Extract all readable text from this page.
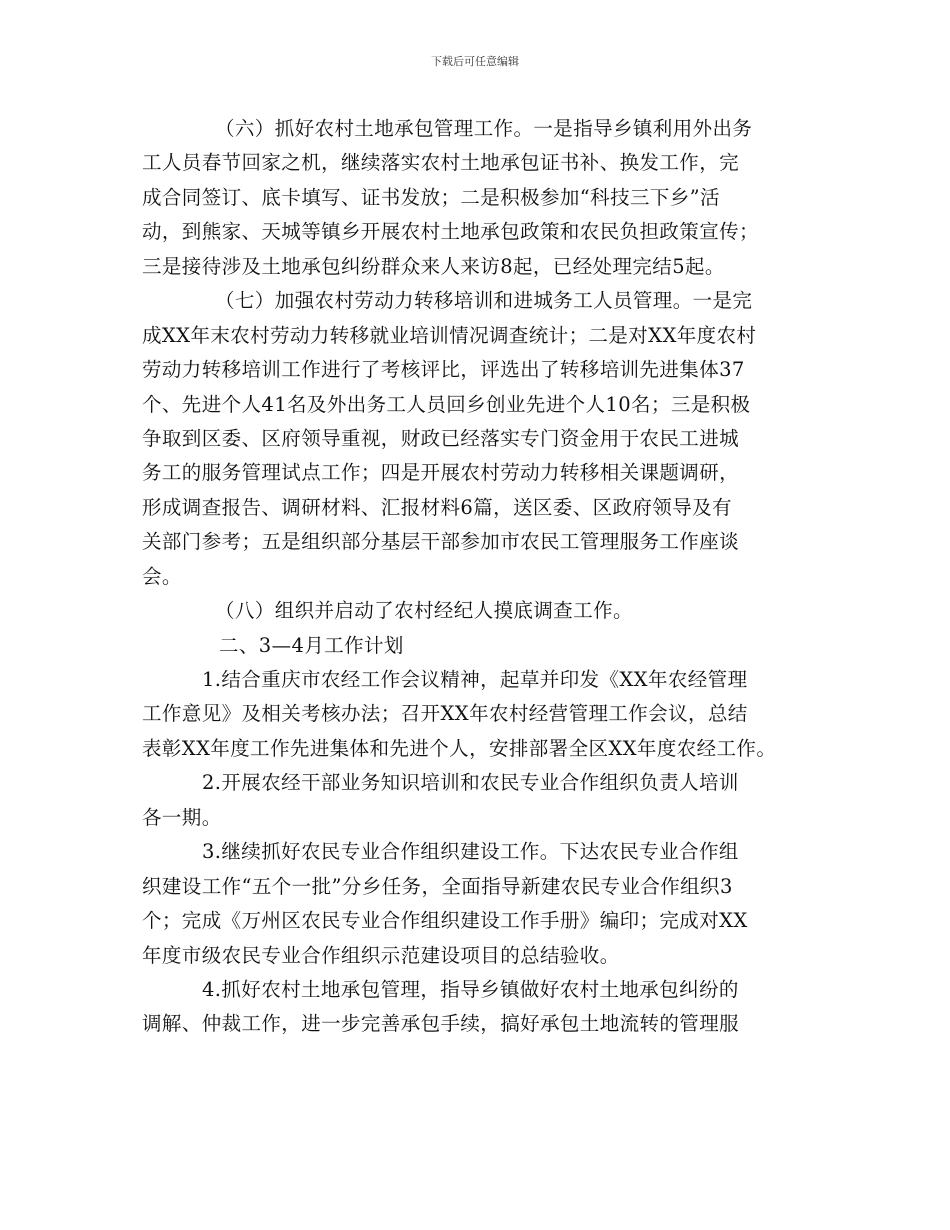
下载后可任意编辑
（六）抓好农村土地承包管理工作。一是指导乡镇利用外出务
工人员春节回家之机，继续落实农村土地承包证书补、换发工作，完
成合同签订、底卡填写、证书发放；二是积极参加“科技三下乡”活
动，到熊家、天城等镇乡开展农村土地承包政策和农民负担政策宣传；
三是接待涉及土地承包纠纷群众来人来访8起，已经处理完结5起。
（七）加强农村劳动力转移培训和进城务工人员管理。一是完
成XX年末农村劳动力转移就业培训情况调查统计；二是对XX年度农村
劳动力转移培训工作进行了考核评比，评选出了转移培训先进集体37
个、先进个人41名及外出务工人员回乡创业先进个人10名；三是积极
争取到区委、区府领导重视，财政已经落实专门资金用于农民工进城
务工的服务管理试点工作；四是开展农村劳动力转移相关课题调研，
形成调查报告、调研材料、汇报材料6篇，送区委、区政府领导及有
关部门参考；五是组织部分基层干部参加市农民工管理服务工作座谈
会。
（八）组织并启动了农村经纪人摸底调查工作。
二、3—4月工作计划
1.结合重庆市农经工作会议精神，起草并印发《XX年农经管理
工作意见》及相关考核办法；召开XX年农村经营管理工作会议，总结
表彰XX年度工作先进集体和先进个人，安排部署全区XX年度农经工作。
2.开展农经干部业务知识培训和农民专业合作组织负责人培训
各一期。
3.继续抓好农民专业合作组织建设工作。下达农民专业合作组
织建设工作“五个一批”分乡任务，全面指导新建农民专业合作组织3
个；完成《万州区农民专业合作组织建设工作手册》编印；完成对XX
年度市级农民专业合作组织示范建设项目的总结验收。
4.抓好农村土地承包管理，指导乡镇做好农村土地承包纠纷的
调解、仲裁工作，进一步完善承包手续，搞好承包土地流转的管理服
